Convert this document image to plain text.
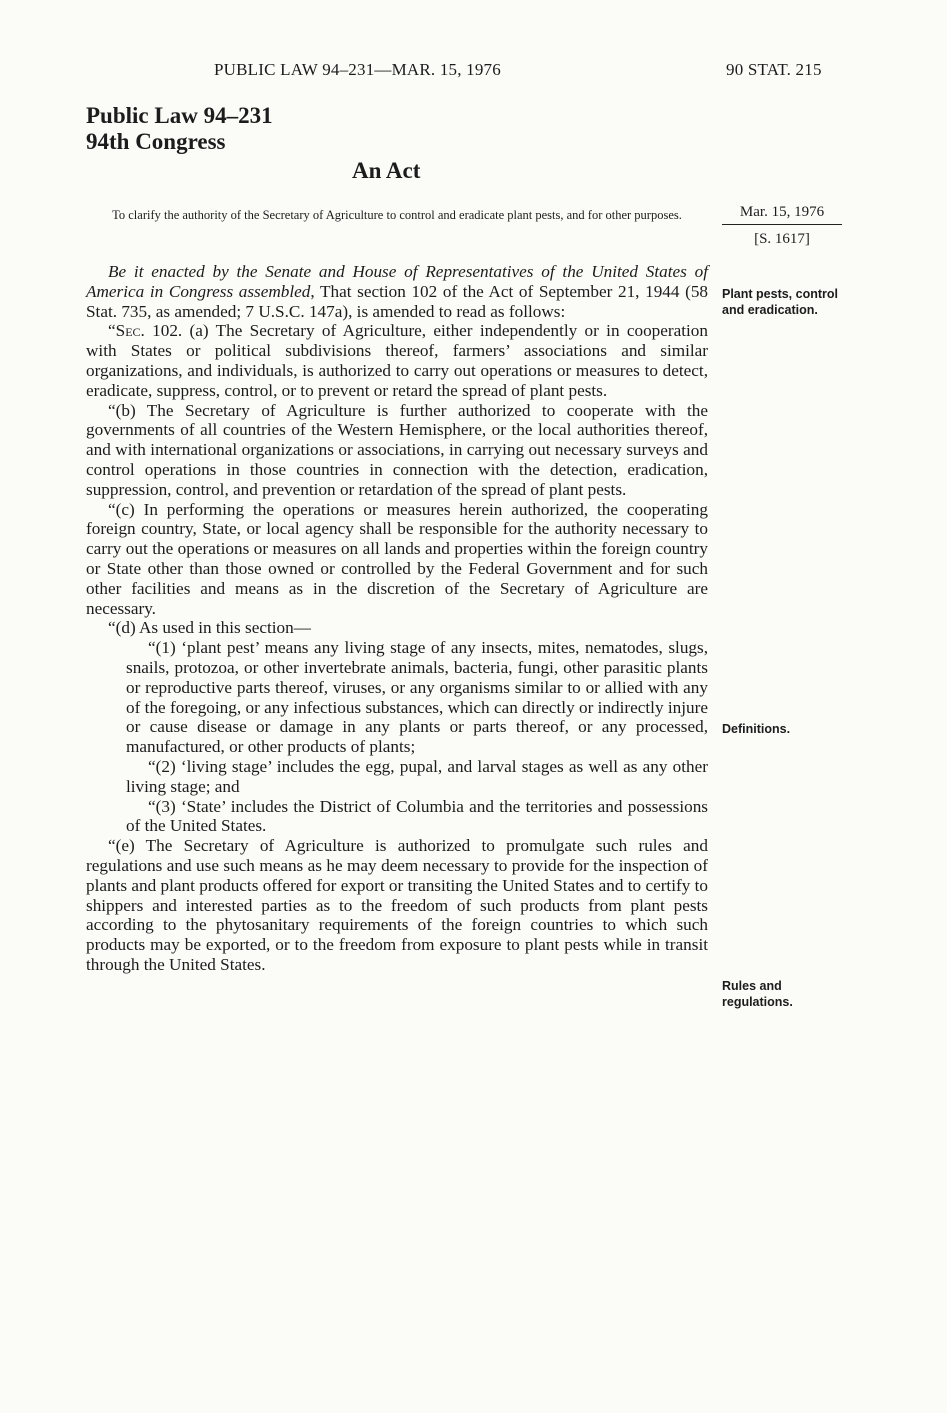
PUBLIC LAW 94–231—MAR. 15, 1976	90 STAT. 215
Public Law 94–231
94th Congress
An Act
To clarify the authority of the Secretary of Agriculture to control and eradicate plant pests, and for other purposes.	Mar. 15, 1976
[S. 1617]
Plant pests, control and eradication.
Definitions.
Rules and regulations.

Be it enacted by the Senate and House of Representatives of the United States of America in Congress assembled, That section 102 of the Act of September 21, 1944 (58 Stat. 735, as amended; 7 U.S.C. 147a), is amended to read as follows:

“Sec. 102. (a) The Secretary of Agriculture, either independently or in cooperation with States or political subdivisions thereof, farmers’ associations and similar organizations, and individuals, is authorized to carry out operations or measures to detect, eradicate, suppress, control, or to prevent or retard the spread of plant pests.

“(b) The Secretary of Agriculture is further authorized to cooperate with the governments of all countries of the Western Hemisphere, or the local authorities thereof, and with international organizations or associations, in carrying out necessary surveys and control operations in those countries in connection with the detection, eradication, suppression, control, and prevention or retardation of the spread of plant pests.

“(c) In performing the operations or measures herein authorized, the cooperating foreign country, State, or local agency shall be responsible for the authority necessary to carry out the operations or measures on all lands and properties within the foreign country or State other than those owned or controlled by the Federal Government and for such other facilities and means as in the discretion of the Secretary of Agriculture are necessary.

“(d) As used in this section—

“(1) ‘plant pest’ means any living stage of any insects, mites, nematodes, slugs, snails, protozoa, or other invertebrate animals, bacteria, fungi, other parasitic plants or reproductive parts thereof, viruses, or any organisms similar to or allied with any of the foregoing, or any infectious substances, which can directly or indirectly injure or cause disease or damage in any plants or parts thereof, or any processed, manufactured, or other products of plants;

“(2) ‘living stage’ includes the egg, pupal, and larval stages as well as any other living stage; and

“(3) ‘State’ includes the District of Columbia and the territories and possessions of the United States.

“(e) The Secretary of Agriculture is authorized to promulgate such rules and regulations and use such means as he may deem necessary to provide for the inspection of plants and plant products offered for export or transiting the United States and to certify to shippers and interested parties as to the freedom of such products from plant pests according to the phytosanitary requirements of the foreign countries to which such products may be exported, or to the freedom from exposure to plant pests while in transit through the United States.
